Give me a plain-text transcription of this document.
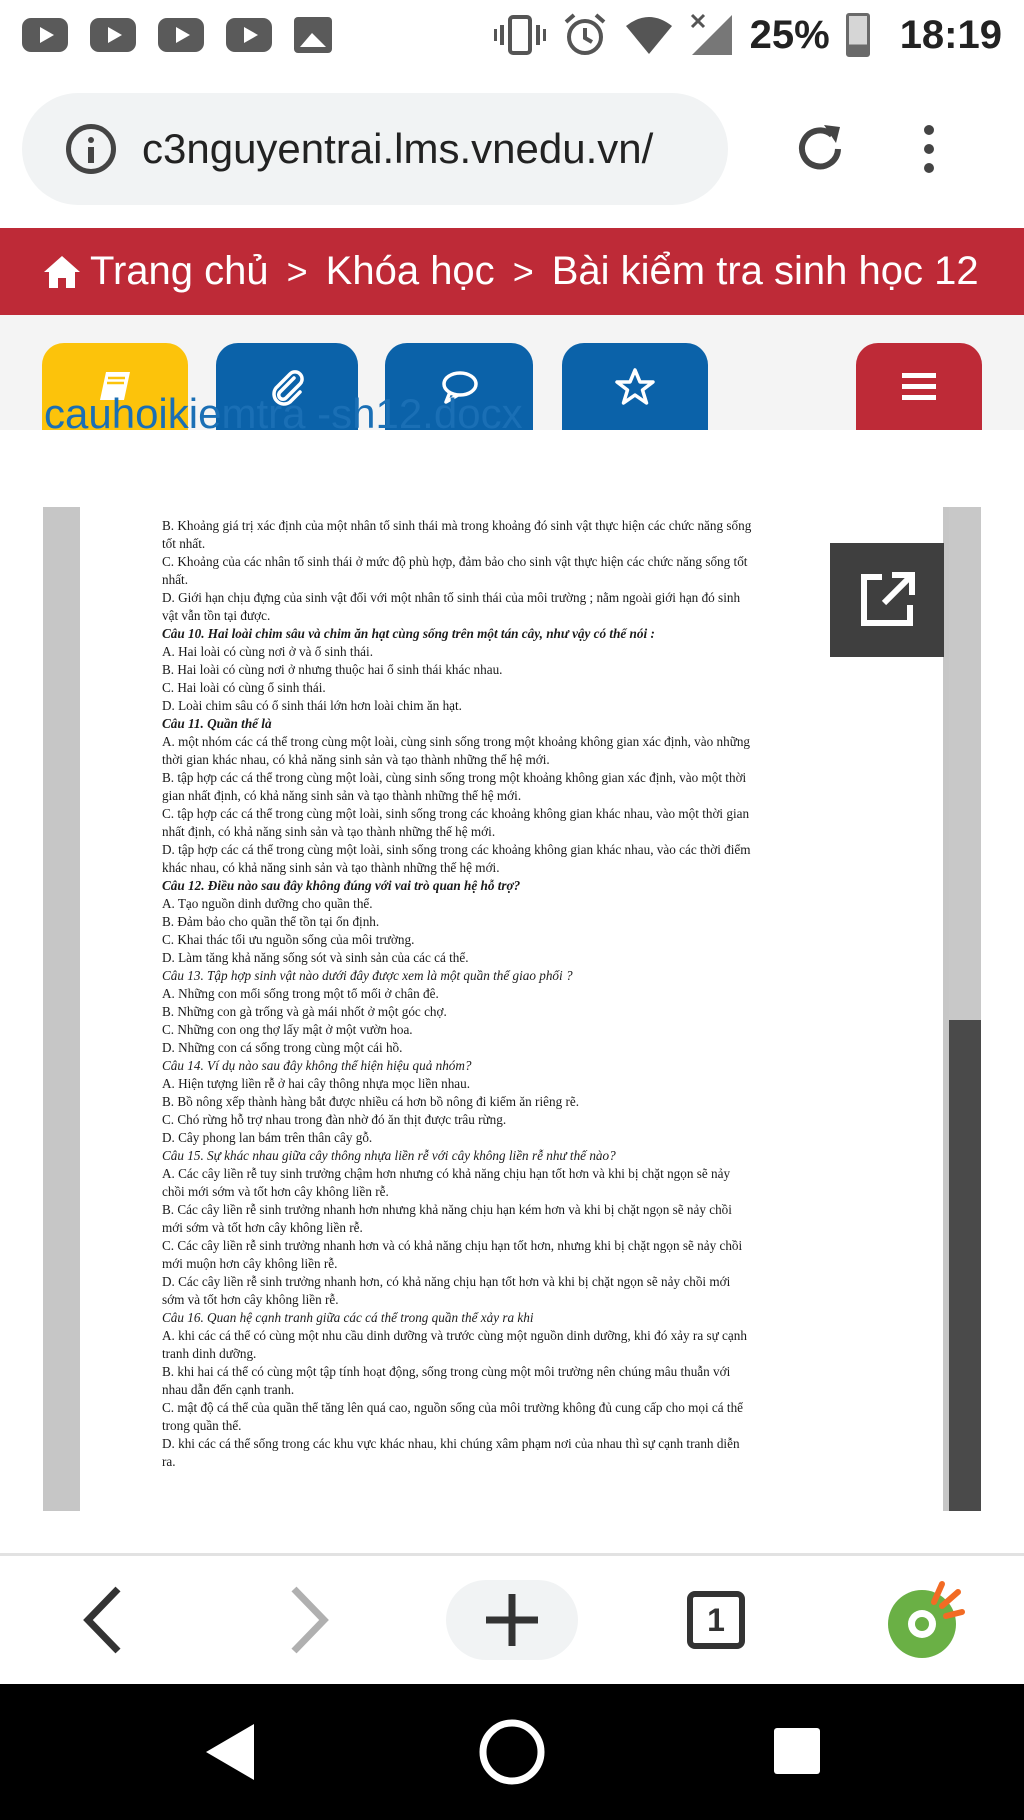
25% 18:19
c3nguyentrai.lms.vnedu.vn/
Trang chủ > Khóa học > Bài kiểm tra sinh học 12
cauhoikiemtra -sh12.docx
B. Khoảng giá trị xác định của một nhân tố sinh thái mà trong khoảng đó sinh vật thực hiện các chức năng sống
tốt nhất.
C. Khoảng của các nhân tố sinh thái ở mức độ phù hợp, đảm bảo cho sinh vật thực hiện các chức năng sống tốt
nhất.
D. Giới hạn chịu đựng của sinh vật đối với một nhân tố sinh thái của môi trường ; nằm ngoài giới hạn đó sinh
vật vẫn tồn tại được.
Câu 10. Hai loài chim sâu và chim ăn hạt cùng sống trên một tán cây, như vậy có thể nói :
A. Hai loài có cùng nơi ở và ổ sinh thái.
B. Hai loài có cùng nơi ở nhưng thuộc hai ổ sinh thái khác nhau.
C. Hai loài có cùng ổ sinh thái.
D. Loài chim sâu có ổ sinh thái lớn hơn loài chim ăn hạt.
Câu 11. Quần thể là
A. một nhóm các cá thể trong cùng một loài, cùng sinh sống trong một khoảng không gian xác định, vào những
thời gian khác nhau, có khả năng sinh sản và tạo thành những thế hệ mới.
B. tập hợp các cá thể trong cùng một loài, cùng sinh sống trong một khoảng không gian xác định, vào một thời
gian nhất định, có khả năng sinh sản và tạo thành những thế hệ mới.
C. tập hợp các cá thể trong cùng một loài, sinh sống trong các khoảng không gian khác nhau, vào một thời gian
nhất định, có khả năng sinh sản và tạo thành những thế hệ mới.
D. tập hợp các cá thể trong cùng một loài, sinh sống trong các khoảng không gian khác nhau, vào các thời điểm
khác nhau, có khả năng sinh sản và tạo thành những thế hệ mới.
Câu 12. Điều nào sau đây không đúng với vai trò quan hệ hỗ trợ?
A. Tạo nguồn dinh dưỡng cho quần thể.
B. Đảm bảo cho quần thể tồn tại ổn định.
C. Khai thác tối ưu nguồn sống của môi trường.
D. Làm tăng khả năng sống sót và sinh sản của các cá thể.
Câu 13. Tập hợp sinh vật nào dưới đây được xem là một quần thể giao phối ?
A. Những con mối sống trong một tổ mối ở chân đê.
B. Những con gà trống và gà mái nhốt ở một góc chợ.
C. Những con ong thợ lấy mật ở một vườn hoa.
D. Những con cá sống trong cùng một cái hồ.
Câu 14. Ví dụ nào sau đây không thể hiện hiệu quả nhóm?
A. Hiện tượng liền rễ ở hai cây thông nhựa mọc liền nhau.
B. Bồ nông xếp thành hàng bắt được nhiều cá hơn bồ nông đi kiếm ăn riêng rẽ.
C. Chó rừng hỗ trợ nhau trong đàn nhờ đó ăn thịt được trâu rừng.
D. Cây phong lan bám trên thân cây gỗ.
Câu 15. Sự khác nhau giữa cây thông nhựa liền rễ với cây không liền rễ như thế nào?
A. Các cây liền rễ tuy sinh trưởng chậm hơn nhưng có khả năng chịu hạn tốt hơn và khi bị chặt ngọn sẽ nảy
chồi mới sớm và tốt hơn cây không liền rễ.
B. Các cây liền rễ sinh trưởng nhanh hơn nhưng khả năng chịu hạn kém hơn và khi bị chặt ngọn sẽ nảy chồi
mới sớm và tốt hơn cây không liền rễ.
C. Các cây liền rễ sinh trưởng nhanh hơn và có khả năng chịu hạn tốt hơn, nhưng khi bị chặt ngọn sẽ nảy chồi
mới muộn hơn cây không liền rễ.
D. Các cây liền rễ sinh trưởng nhanh hơn, có khả năng chịu hạn tốt hơn và khi bị chặt ngọn sẽ nảy chồi mới
sớm và tốt hơn cây không liền rễ.
Câu 16. Quan hệ cạnh tranh giữa các cá thể trong quần thể xảy ra khi
A. khi các cá thể có cùng một nhu cầu dinh dưỡng và trước cùng một nguồn dinh dưỡng, khi đó xảy ra sự cạnh
tranh dinh dưỡng.
B. khi hai cá thể có cùng một tập tính hoạt động, sống trong cùng một môi trường nên chúng mâu thuẫn với
nhau dẫn đến cạnh tranh.
C. mật độ cá thể của quần thể tăng lên quá cao, nguồn sống của môi trường không đủ cung cấp cho mọi cá thể
trong quần thể.
D. khi các cá thể sống trong các khu vực khác nhau, khi chúng xâm phạm nơi của nhau thì sự cạnh tranh diễn
ra.
1
